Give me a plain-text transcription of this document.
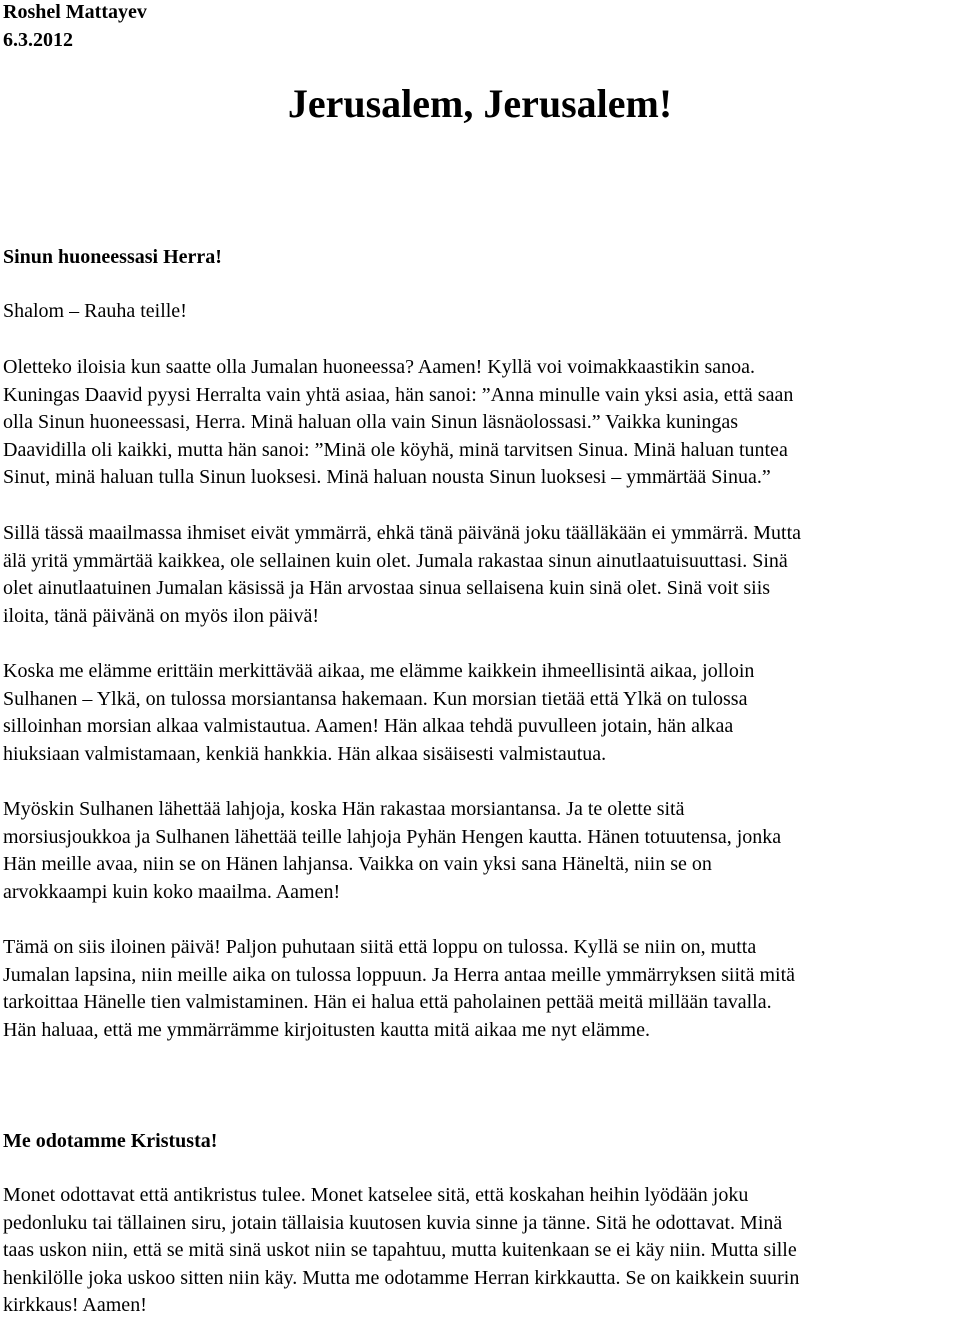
Roshel Mattayev
6.3.2012
Jerusalem, Jerusalem!
Sinun huoneessasi Herra!
Shalom – Rauha teille!
Oletteko iloisia kun saatte olla Jumalan huoneessa? Aamen! Kyllä voi voimakkaastikin sanoa.
Kuningas Daavid pyysi Herralta vain yhtä asiaa, hän sanoi: ”Anna minulle vain yksi asia, että saan
olla Sinun huoneessasi, Herra. Minä haluan olla vain Sinun läsnäolossasi.” Vaikka kuningas
Daavidilla oli kaikki, mutta hän sanoi: ”Minä ole köyhä, minä tarvitsen Sinua. Minä haluan tuntea
Sinut, minä haluan tulla Sinun luoksesi. Minä haluan nousta Sinun luoksesi – ymmärtää Sinua.”
Sillä tässä maailmassa ihmiset eivät ymmärrä, ehkä tänä päivänä joku täälläkään ei ymmärrä. Mutta
älä yritä ymmärtää kaikkea, ole sellainen kuin olet. Jumala rakastaa sinun ainutlaatuisuuttasi. Sinä
olet ainutlaatuinen Jumalan käsissä ja Hän arvostaa sinua sellaisena kuin sinä olet. Sinä voit siis
iloita, tänä päivänä on myös ilon päivä!
Koska me elämme erittäin merkittävää aikaa, me elämme kaikkein ihmeellisintä aikaa, jolloin
Sulhanen – Ylkä, on tulossa morsiantansa hakemaan. Kun morsian tietää että Ylkä on tulossa
silloinhan morsian alkaa valmistautua. Aamen! Hän alkaa tehdä puvulleen jotain, hän alkaa
hiuksiaan valmistamaan, kenkiä hankkia. Hän alkaa sisäisesti valmistautua.
Myöskin Sulhanen lähettää lahjoja, koska Hän rakastaa morsiantansa. Ja te olette sitä
morsiusjoukkoa ja Sulhanen lähettää teille lahjoja Pyhän Hengen kautta. Hänen totuutensa, jonka
Hän meille avaa, niin se on Hänen lahjansa. Vaikka on vain yksi sana Häneltä, niin se on
arvokkaampi kuin koko maailma. Aamen!
Tämä on siis iloinen päivä! Paljon puhutaan siitä että loppu on tulossa. Kyllä se niin on, mutta
Jumalan lapsina, niin meille aika on tulossa loppuun. Ja Herra antaa meille ymmärryksen siitä mitä
tarkoittaa Hänelle tien valmistaminen. Hän ei halua että paholainen pettää meitä millään tavalla.
Hän haluaa, että me ymmärrämme kirjoitusten kautta mitä aikaa me nyt elämme.
Me odotamme Kristusta!
Monet odottavat että antikristus tulee. Monet katselee sitä, että koskahan heihin lyödään joku
pedonluku tai tällainen siru, jotain tällaisia kuutosen kuvia sinne ja tänne. Sitä he odottavat. Minä
taas uskon niin, että se mitä sinä uskot niin se tapahtuu, mutta kuitenkaan se ei käy niin. Mutta sille
henkilölle joka uskoo sitten niin käy. Mutta me odotamme Herran kirkkautta. Se on kaikkein suurin
kirkkaus! Aamen!
